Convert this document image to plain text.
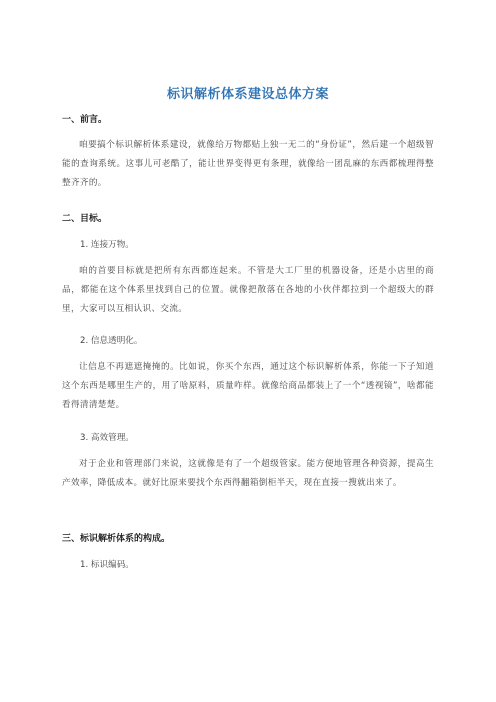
标识解析体系建设总体方案
一、前言。
咱要搞个标识解析体系建设，就像给万物都贴上独一无二的“身份证”，然后建一个超级智能的查询系统。这事儿可老酷了，能让世界变得更有条理，就像给一团乱麻的东西都梳理得整整齐齐的。
二、目标。
1. 连接万物。
咱的首要目标就是把所有东西都连起来。不管是大工厂里的机器设备，还是小店里的商品，都能在这个体系里找到自己的位置。就像把散落在各地的小伙伴都拉到一个超级大的群里，大家可以互相认识、交流。
2. 信息透明化。
让信息不再遮遮掩掩的。比如说，你买个东西，通过这个标识解析体系，你能一下子知道这个东西是哪里生产的，用了啥原料，质量咋样。就像给商品都装上了一个“透视镜”，啥都能看得清清楚楚。
3. 高效管理。
对于企业和管理部门来说，这就像是有了一个超级管家。能方便地管理各种资源，提高生产效率，降低成本。就好比原来要找个东西得翻箱倒柜半天，现在直接一搜就出来了。
三、标识解析体系的构成。
1. 标识编码。
